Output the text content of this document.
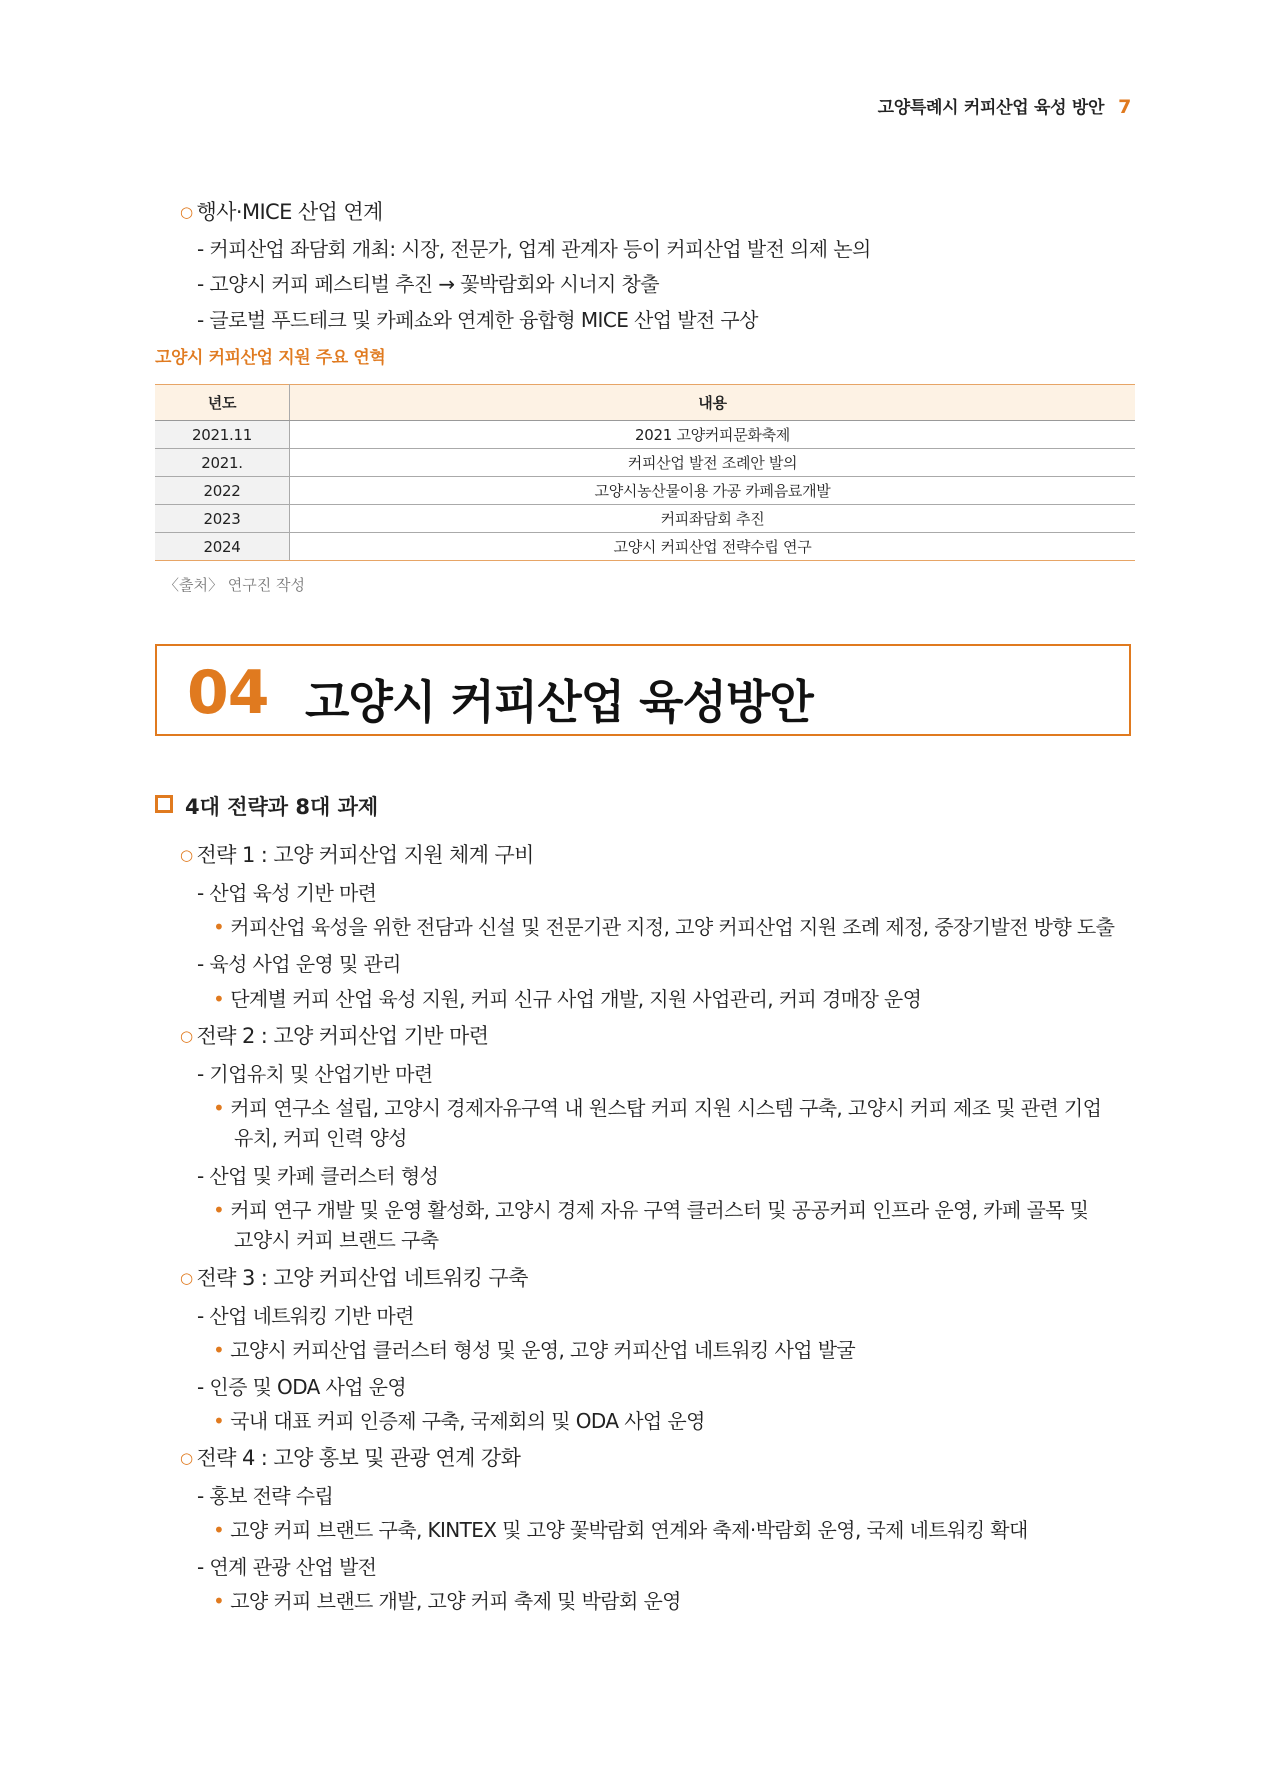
고양특례시 커피산업 육성 방안 7
○ 행사·MICE 산업 연계
- 커피산업 좌담회 개최: 시장, 전문가, 업계 관계자 등이 커피산업 발전 의제 논의
- 고양시 커피 페스티벌 추진 → 꽃박람회와 시너지 창출
- 글로벌 푸드테크 및 카페쇼와 연계한 융합형 MICE 산업 발전 구상
고양시 커피산업 지원 주요 연혁
년도	내용
2021.11	2021 고양커피문화축제
2021.	커피산업 발전 조례안 발의
2022	고양시농산물이용 가공 카페음료개발
2023	커피좌담회 추진
2024	고양시 커피산업 전략수립 연구
〈출처〉 연구진 작성
04 고양시 커피산업 육성방안
4대 전략과 8대 과제
○ 전략 1 : 고양 커피산업 지원 체계 구비
- 산업 육성 기반 마련
• 커피산업 육성을 위한 전담과 신설 및 전문기관 지정, 고양 커피산업 지원 조례 제정, 중장기발전 방향 도출
- 육성 사업 운영 및 관리
• 단계별 커피 산업 육성 지원, 커피 신규 사업 개발, 지원 사업관리, 커피 경매장 운영
○ 전략 2 : 고양 커피산업 기반 마련
- 기업유치 및 산업기반 마련
• 커피 연구소 설립, 고양시 경제자유구역 내 원스탑 커피 지원 시스템 구축, 고양시 커피 제조 및 관련 기업
유치, 커피 인력 양성
- 산업 및 카페 클러스터 형성
• 커피 연구 개발 및 운영 활성화, 고양시 경제 자유 구역 클러스터 및 공공커피 인프라 운영, 카페 골목 및
고양시 커피 브랜드 구축
○ 전략 3 : 고양 커피산업 네트워킹 구축
- 산업 네트워킹 기반 마련
• 고양시 커피산업 클러스터 형성 및 운영, 고양 커피산업 네트워킹 사업 발굴
- 인증 및 ODA 사업 운영
• 국내 대표 커피 인증제 구축, 국제회의 및 ODA 사업 운영
○ 전략 4 : 고양 홍보 및 관광 연계 강화
- 홍보 전략 수립
• 고양 커피 브랜드 구축, KINTEX 및 고양 꽃박람회 연계와 축제·박람회 운영, 국제 네트워킹 확대
- 연계 관광 산업 발전
• 고양 커피 브랜드 개발, 고양 커피 축제 및 박람회 운영
